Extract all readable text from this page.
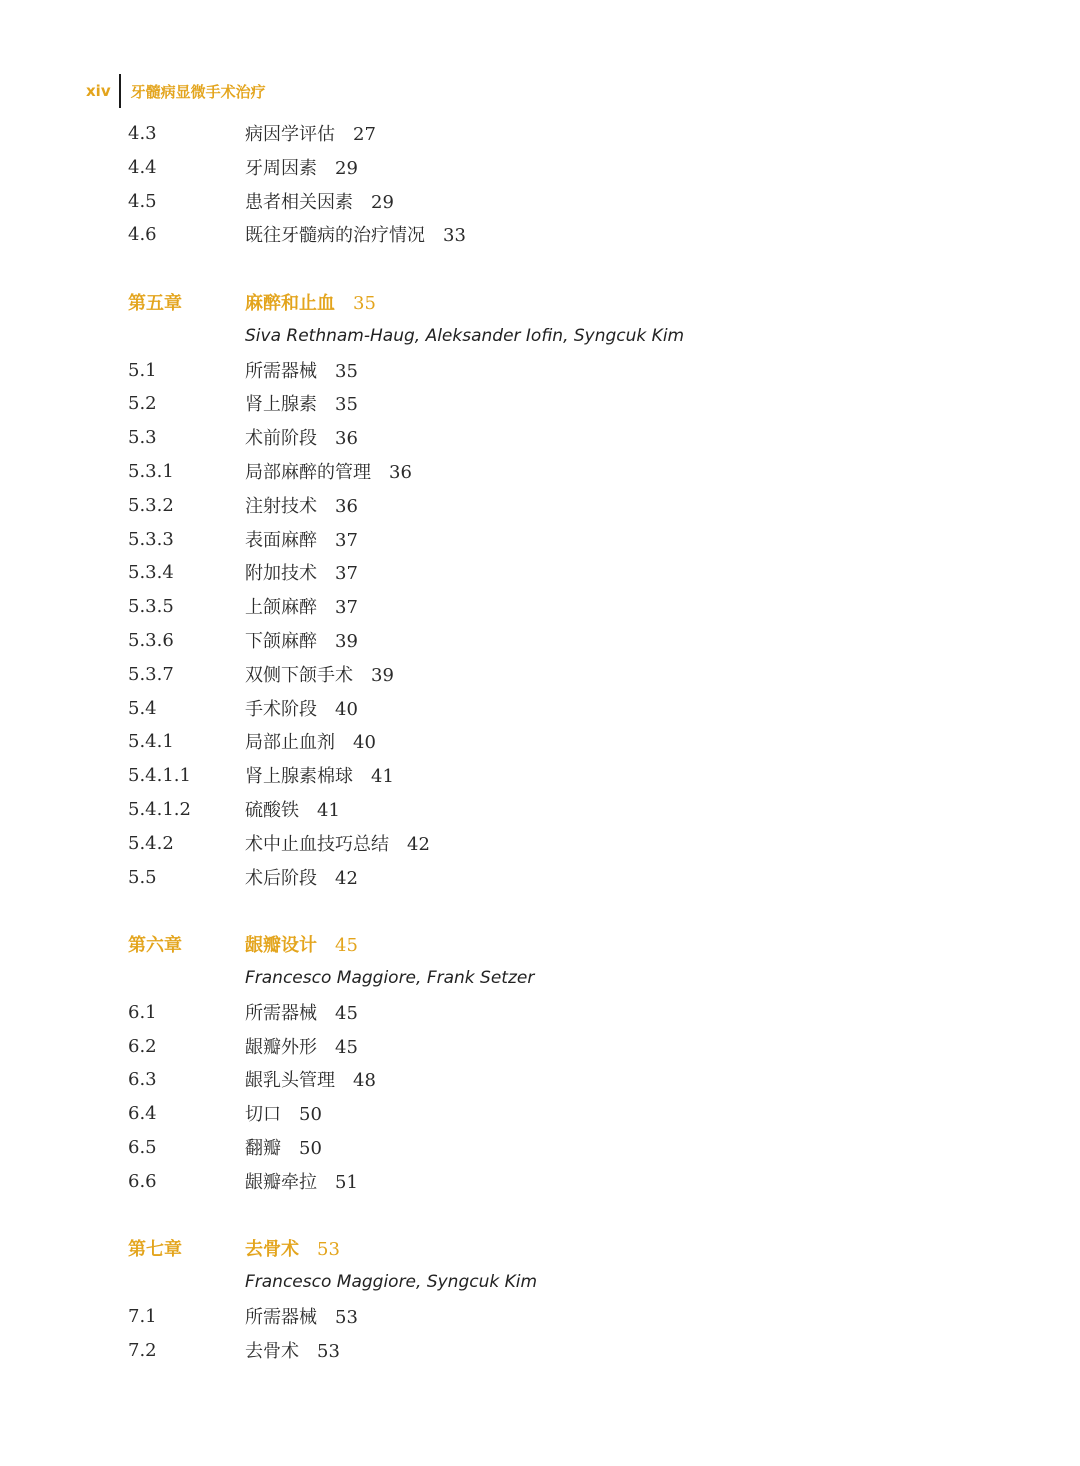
xiv 牙髓病显微手术治疗
4.3	病因学评估 27
4.4	牙周因素 29
4.5	患者相关因素 29
4.6	既往牙髓病的治疗情况 33
第五章	麻醉和止血 35
Siva Rethnam-Haug, Aleksander Iofin, Syngcuk Kim
5.1	所需器械 35
5.2	肾上腺素 35
5.3	术前阶段 36
5.3.1	局部麻醉的管理 36
5.3.2	注射技术 36
5.3.3	表面麻醉 37
5.3.4	附加技术 37
5.3.5	上颌麻醉 37
5.3.6	下颌麻醉 39
5.3.7	双侧下颌手术 39
5.4	手术阶段 40
5.4.1	局部止血剂 40
5.4.1.1	肾上腺素棉球 41
5.4.1.2	硫酸铁 41
5.4.2	术中止血技巧总结 42
5.5	术后阶段 42
第六章	龈瓣设计 45
Francesco Maggiore, Frank Setzer
6.1	所需器械 45
6.2	龈瓣外形 45
6.3	龈乳头管理 48
6.4	切口 50
6.5	翻瓣 50
6.6	龈瓣牵拉 51
第七章	去骨术 53
Francesco Maggiore, Syngcuk Kim
7.1	所需器械 53
7.2	去骨术 53
